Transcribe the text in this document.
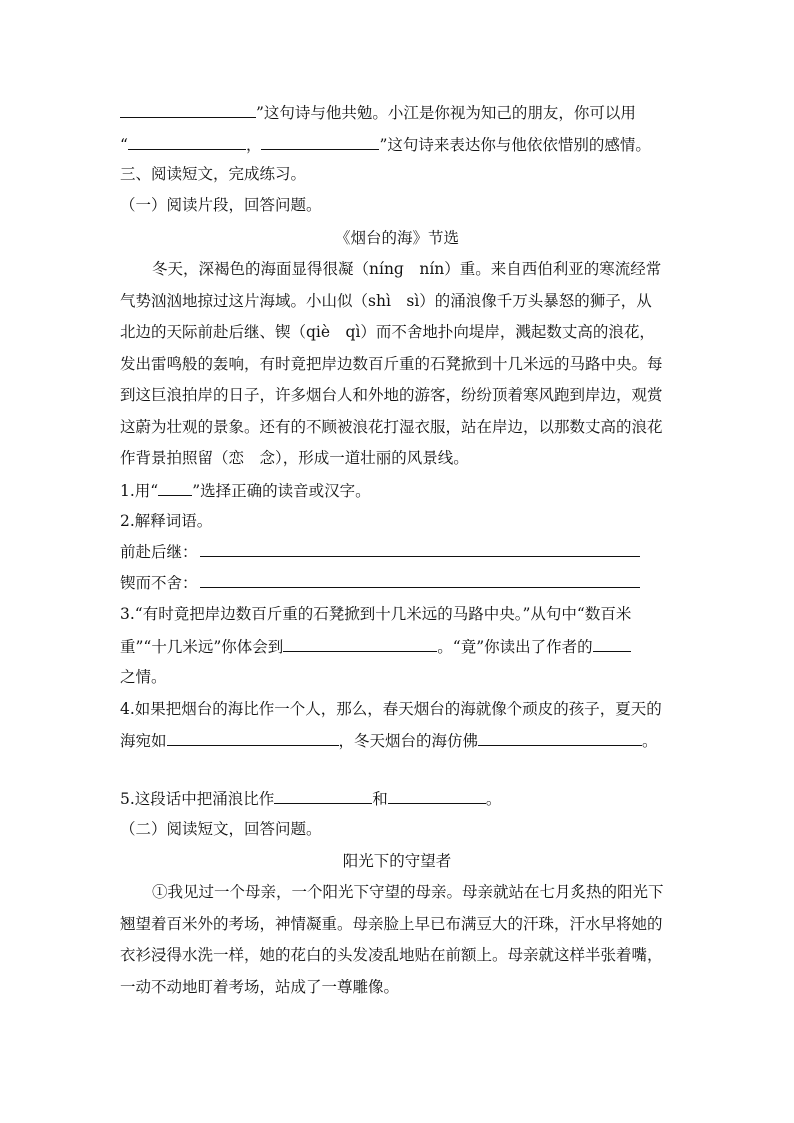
”这句诗与他共勉。小江是你视为知己的朋友，你可以用
“	，	”这句诗来表达你与他依依惜别的感情。
三、阅读短文，完成练习。
（一）阅读片段，回答问题。
《烟台的海》节选
冬天，深褐色的海面显得很凝（nínɡ　nín）重。来自西伯利亚的寒流经常
气势汹汹地掠过这片海域。小山似（shì　sì）的涌浪像千万头暴怒的狮子，从
北边的天际前赴后继、锲（qiè　qì）而不舍地扑向堤岸，溅起数丈高的浪花，
发出雷鸣般的轰响，有时竟把岸边数百斤重的石凳掀到十几米远的马路中央。每
到这巨浪拍岸的日子，许多烟台人和外地的游客，纷纷顶着寒风跑到岸边，观赏
这蔚为壮观的景象。还有的不顾被浪花打湿衣服，站在岸边，以那数丈高的浪花
作背景拍照留（恋　念），形成一道壮丽的风景线。
1.用“ ”选择正确的读音或汉字。
2.解释词语。
前赴后继：
锲而不舍：
3.“有时竟把岸边数百斤重的石凳掀到十几米远的马路中央。”从句中“数百米
重”“十几米远”你体会到	。“竟”你读出了作者的
之情。
4.如果把烟台的海比作一个人，那么，春天烟台的海就像个顽皮的孩子，夏天的
海宛如	，冬天烟台的海仿佛	。
5.这段话中把涌浪比作	和	。
（二）阅读短文，回答问题。
阳光下的守望者
①我见过一个母亲，一个阳光下守望的母亲。母亲就站在七月炙热的阳光下
翘望着百米外的考场，神情凝重。母亲脸上早已布满豆大的汗珠，汗水早将她的
衣衫浸得水洗一样，她的花白的头发凌乱地贴在前额上。母亲就这样半张着嘴，
一动不动地盯着考场，站成了一尊雕像。
